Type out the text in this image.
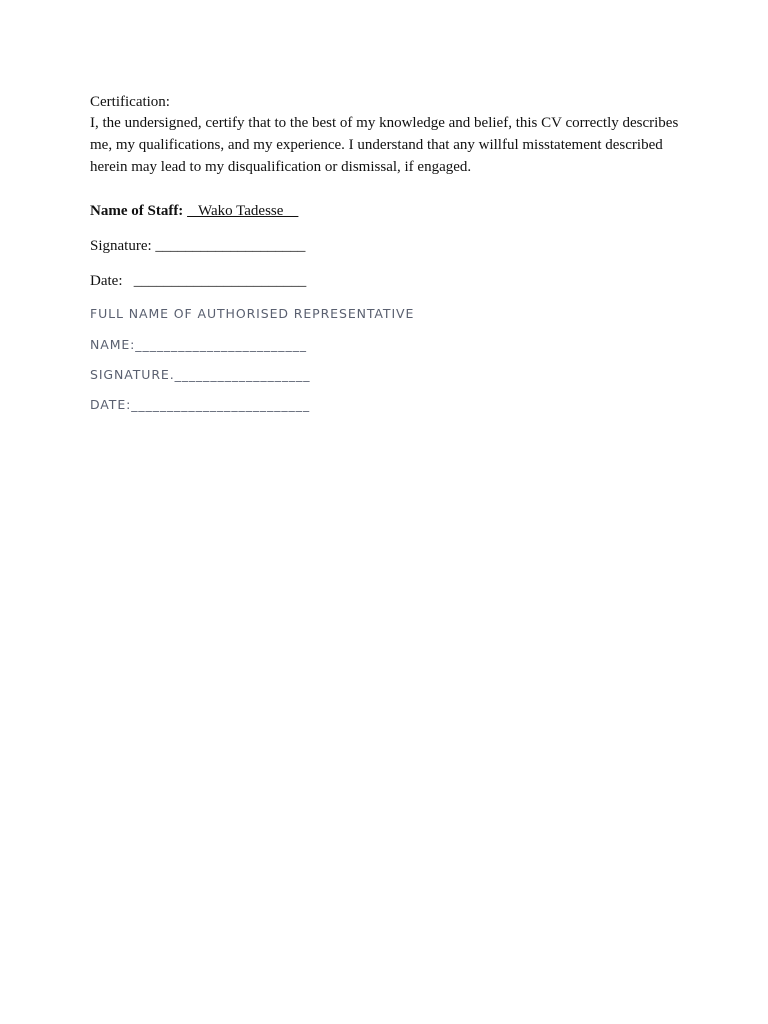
Certification:

I, the undersigned, certify that to the best of my knowledge and belief, this CV correctly describes me, my qualifications, and my experience. I understand that any willful misstatement described herein may lead to my disqualification or dismissal, if engaged.

Name of Staff:    Wako Tadesse

Signature: ____________________

Date:   _______________________

FULL NAME OF AUTHORISED REPRESENTATIVE

NAME:________________________

SIGNATURE.___________________

DATE:_________________________
